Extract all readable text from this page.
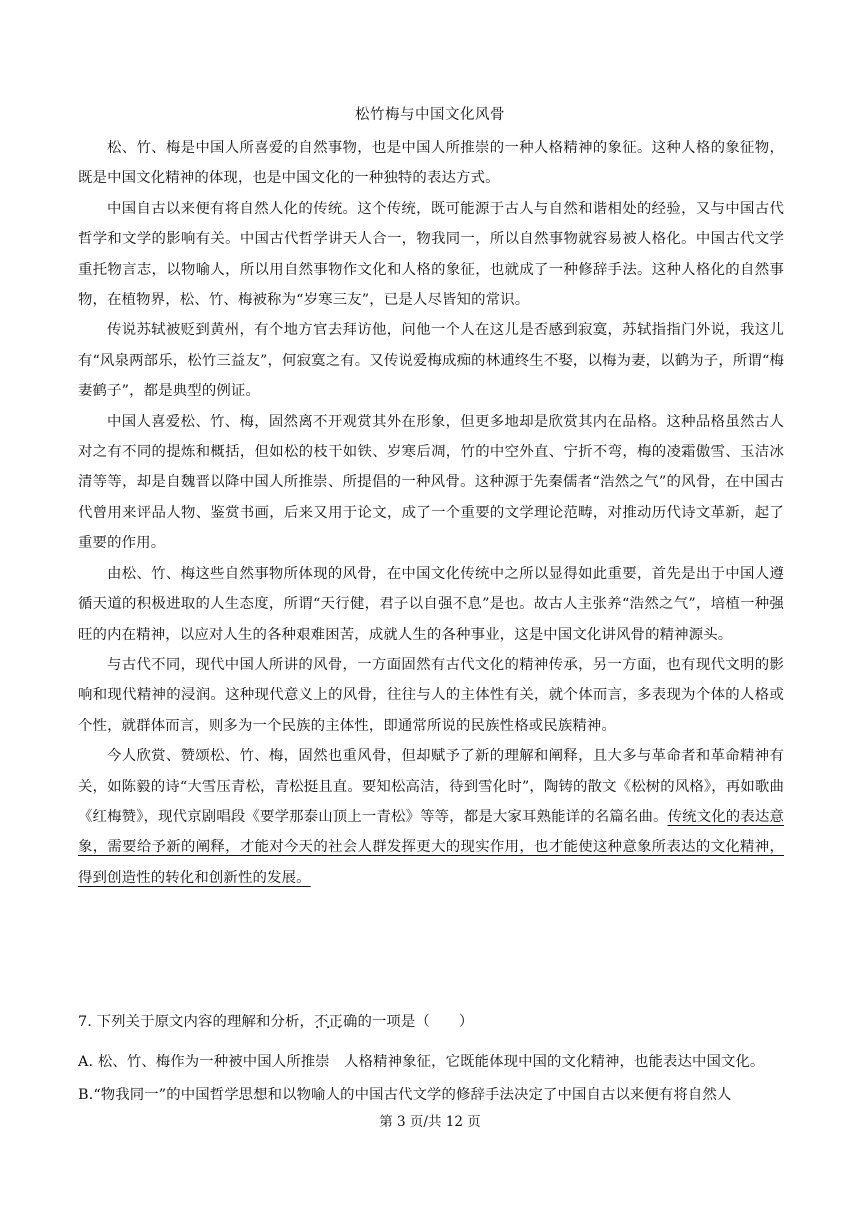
松竹梅与中国文化风骨

松、竹、梅是中国人所喜爱的自然事物，也是中国人所推崇的一种人格精神的象征。这种人格的象征物，既是中国文化精神的体现，也是中国文化的一种独特的表达方式。

中国自古以来便有将自然人化的传统。这个传统，既可能源于古人与自然和谐相处的经验，又与中国古代哲学和文学的影响有关。中国古代哲学讲天人合一，物我同一，所以自然事物就容易被人格化。中国古代文学重托物言志，以物喻人，所以用自然事物作文化和人格的象征，也就成了一种修辞手法。这种人格化的自然事物，在植物界，松、竹、梅被称为“岁寒三友”，已是人尽皆知的常识。

传说苏轼被贬到黄州，有个地方官去拜访他，问他一个人在这儿是否感到寂寞，苏轼指指门外说，我这儿有“风泉两部乐，松竹三益友”，何寂寞之有。又传说爱梅成痴的林逋终生不娶，以梅为妻，以鹤为子，所谓“梅妻鹤子”，都是典型的例证。

中国人喜爱松、竹、梅，固然离不开观赏其外在形象，但更多地却是欣赏其内在品格。这种品格虽然古人对之有不同的提炼和概括，但如松的枝干如铁、岁寒后凋，竹的中空外直、宁折不弯，梅的凌霜傲雪、玉洁冰清等等，却是自魏晋以降中国人所推崇、所提倡的一种风骨。这种源于先秦儒者“浩然之气”的风骨，在中国古代曾用来评品人物、鉴赏书画，后来又用于论文，成了一个重要的文学理论范畴，对推动历代诗文革新，起了重要的作用。

由松、竹、梅这些自然事物所体现的风骨，在中国文化传统中之所以显得如此重要，首先是出于中国人遵循天道的积极进取的人生态度，所谓“天行健，君子以自强不息”是也。故古人主张养“浩然之气”，培植一种强旺的内在精神，以应对人生的各种艰难困苦，成就人生的各种事业，这是中国文化讲风骨的精神源头。

与古代不同，现代中国人所讲的风骨，一方面固然有古代文化的精神传承，另一方面，也有现代文明的影响和现代精神的浸润。这种现代意义上的风骨，往往与人的主体性有关，就个体而言，多表现为个体的人格或个性，就群体而言，则多为一个民族的主体性，即通常所说的民族性格或民族精神。

今人欣赏、赞颂松、竹、梅，固然也重风骨，但却赋予了新的理解和阐释，且大多与革命者和革命精神有关，如陈毅的诗“大雪压青松，青松挺且直。要知松高洁，待到雪化时”，陶铸的散文《松树的风格》，再如歌曲《红梅赞》，现代京剧唱段《要学那泰山顶上一青松》等等，都是大家耳熟能详的名篇名曲。传统文化的表达意象，需要给予新的阐释，才能对今天的社会人群发挥更大的现实作用，也才能使这种意象所表达的文化精神，得到创造性的转化和创新性的发展。

7. 下列关于原文内容的理解和分析，不正确 • • •的一项是（　　）

A. 松、竹、梅作为一种被中国人所推崇　人格精神象征，它既能体现中国的文化精神，也能表达中国文化。

B.“物我同一”的中国哲学思想和以物喻人的中国古代文学的修辞手法决定了中国自古以来便有将自然人

第 3 页/共 12 页
